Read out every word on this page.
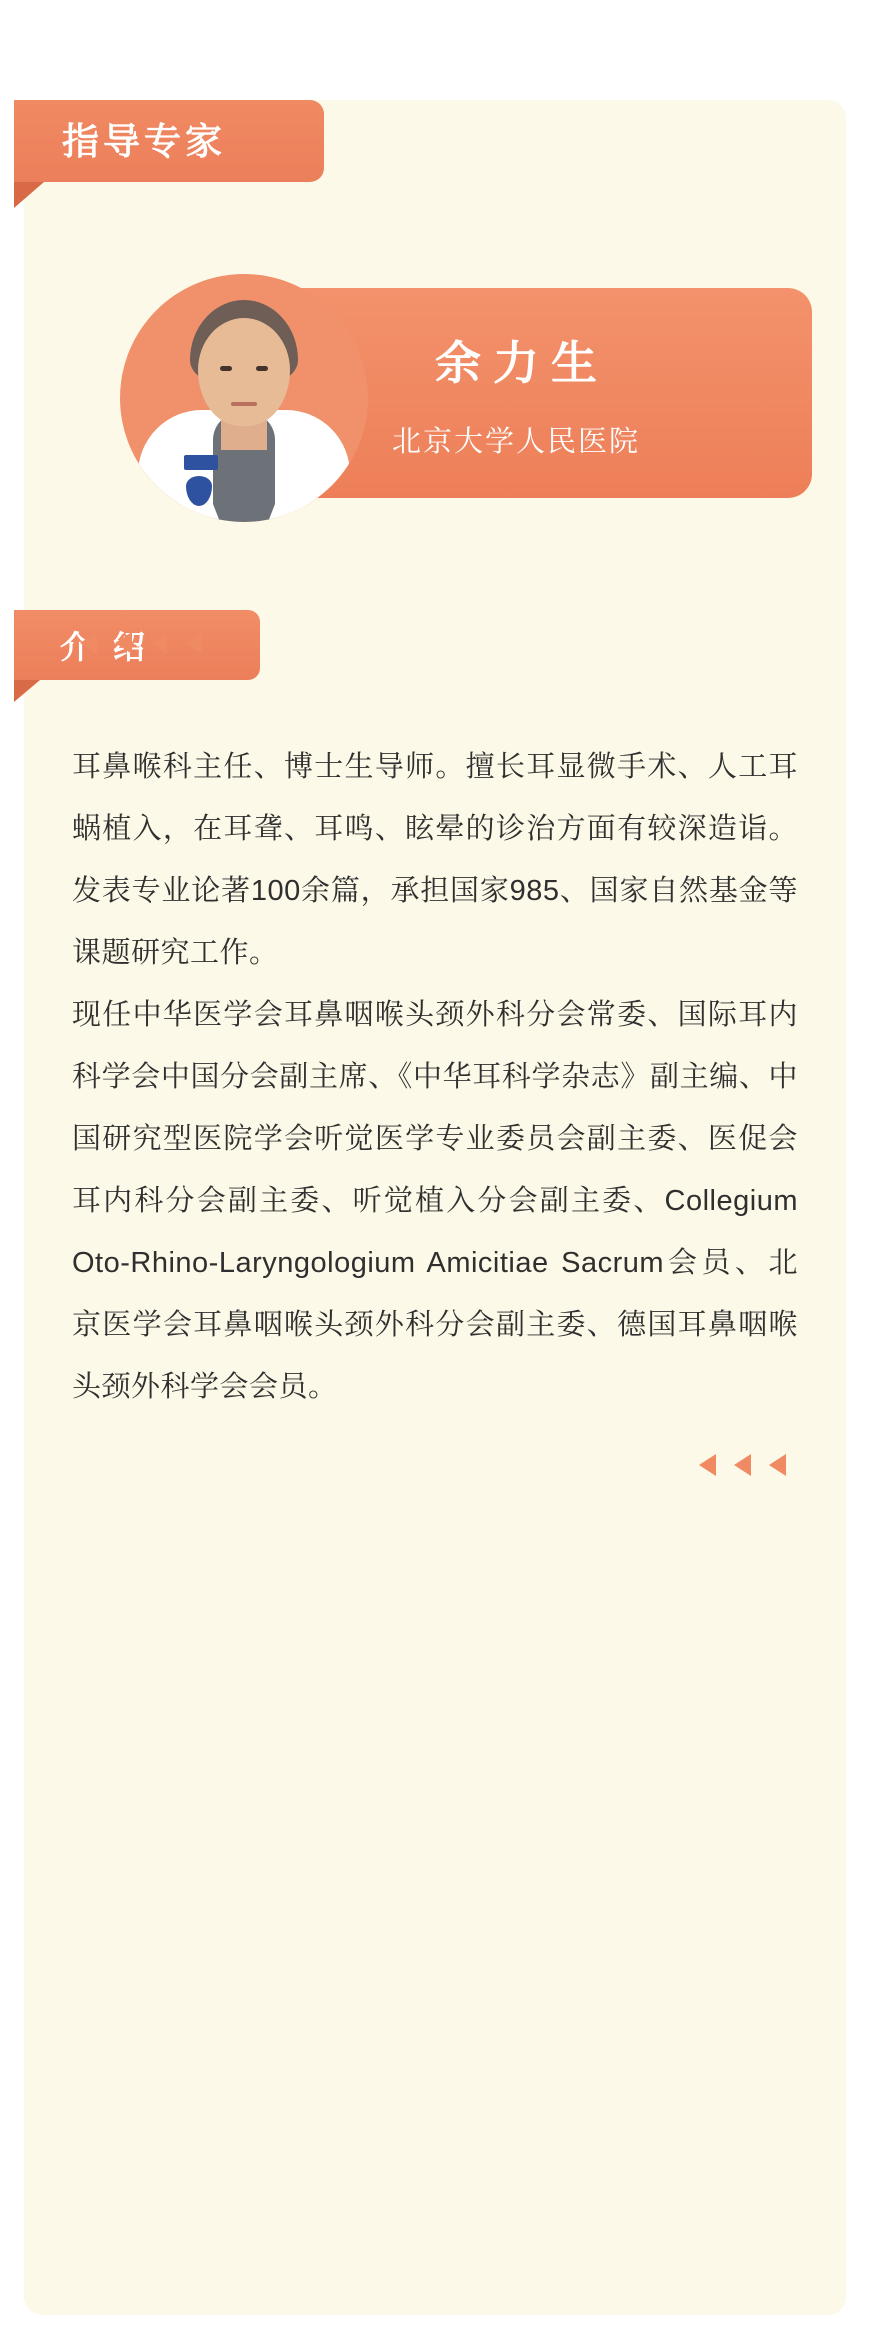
指导专家
余力生
北京大学人民医院
介 绍

耳鼻喉科主任、博士生导师。擅长耳显微手术、人工耳蜗植入，在耳聋、耳鸣、眩晕的诊治方面有较深造诣。发表专业论著100余篇，承担国家985、国家自然基金等课题研究工作。

现任中华医学会耳鼻咽喉头颈外科分会常委、国际耳内科学会中国分会副主席、《中华耳科学杂志》副主编、中国研究型医院学会听觉医学专业委员会副主委、医促会耳内科分会副主委、听觉植入分会副主委、Collegium Oto-Rhino-Laryngologium Amicitiae Sacrum会员、北京医学会耳鼻咽喉头颈外科分会副主委、德国耳鼻咽喉头颈外科学会会员。
